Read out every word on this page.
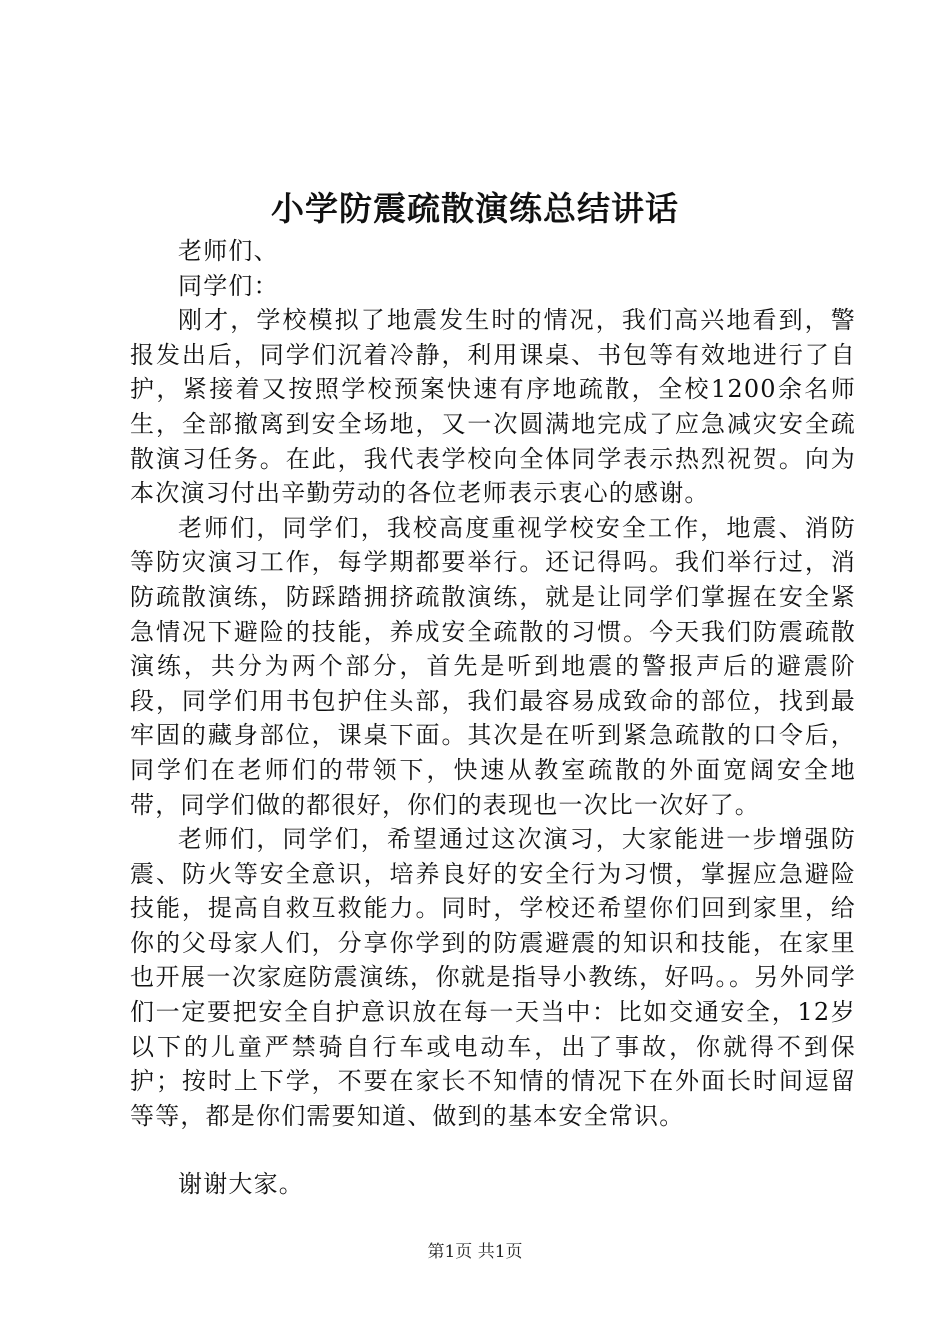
小学防震疏散演练总结讲话

老师们、

同学们：

刚才，学校模拟了地震发生时的情况，我们高兴地看到，警报发出后，同学们沉着冷静，利用课桌、书包等有效地进行了自护，紧接着又按照学校预案快速有序地疏散，全校1200余名师生，全部撤离到安全场地，又一次圆满地完成了应急减灾安全疏散演习任务。在此，我代表学校向全体同学表示热烈祝贺。向为本次演习付出辛勤劳动的各位老师表示衷心的感谢。

老师们，同学们，我校高度重视学校安全工作，地震、消防等防灾演习工作，每学期都要举行。还记得吗。我们举行过，消防疏散演练，防踩踏拥挤疏散演练，就是让同学们掌握在安全紧急情况下避险的技能，养成安全疏散的习惯。今天我们防震疏散演练，共分为两个部分，首先是听到地震的警报声后的避震阶段，同学们用书包护住头部，我们最容易成致命的部位，找到最牢固的藏身部位，课桌下面。其次是在听到紧急疏散的口令后，同学们在老师们的带领下，快速从教室疏散的外面宽阔安全地带，同学们做的都很好，你们的表现也一次比一次好了。

老师们，同学们，希望通过这次演习，大家能进一步增强防震、防火等安全意识，培养良好的安全行为习惯，掌握应急避险技能，提高自救互救能力。同时，学校还希望你们回到家里，给你的父母家人们，分享你学到的防震避震的知识和技能，在家里也开展一次家庭防震演练，你就是指导小教练，好吗。。另外同学们一定要把安全自护意识放在每一天当中：比如交通安全，12岁以下的儿童严禁骑自行车或电动车，出了事故，你就得不到保护；按时上下学，不要在家长不知情的情况下在外面长时间逗留等等，都是你们需要知道、做到的基本安全常识。

谢谢大家。

第1页 共1页
